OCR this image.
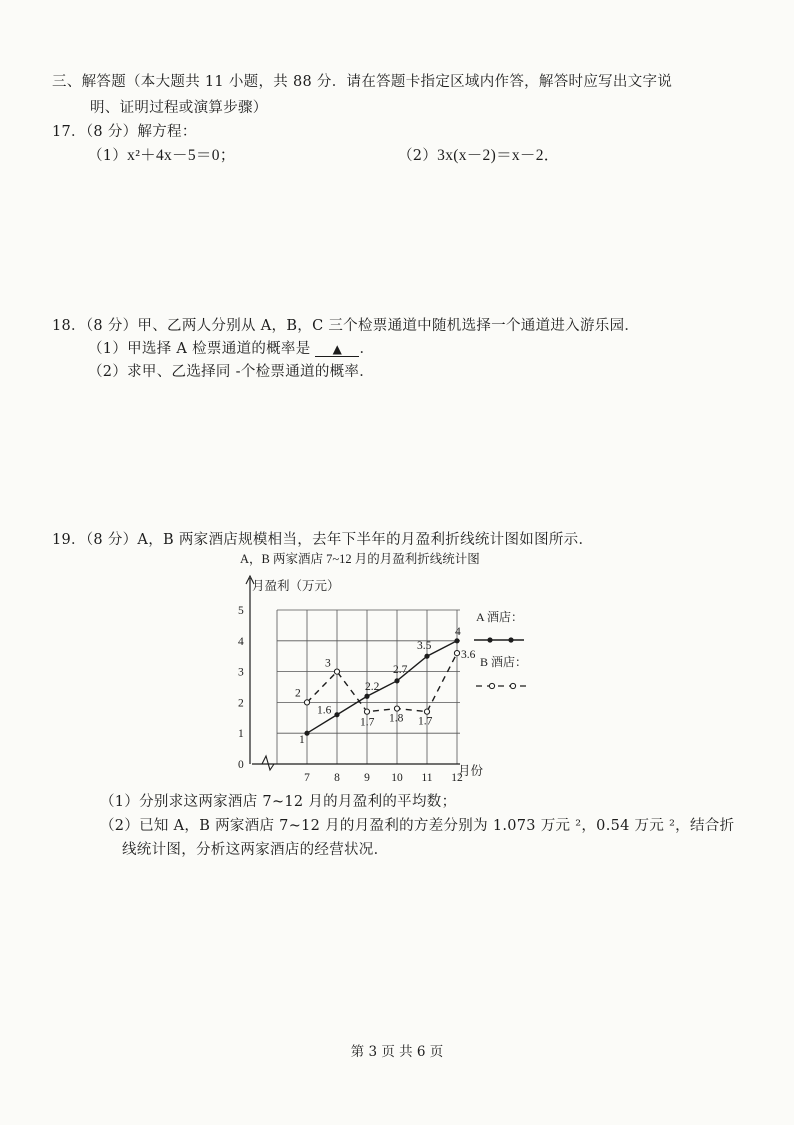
三、解答题（本大题共 11 小题，共 88 分．请在答题卡指定区域内作答，解答时应写出文字说
明、证明过程或演算步骤）
17．（8 分）解方程：
（1）x²＋4x－5＝0；	（2）3x(x－2)＝x－2．
18．（8 分）甲、乙两人分别从 A，B，C 三个检票通道中随机选择一个通道进入游乐园．
（1）甲选择 A 检票通道的概率是 ▲ ．
（2）求甲、乙选择同 -个检票通道的概率．
19．（8 分）A，B 两家酒店规模相当，去年下半年的月盈利折线统计图如图所示．
A，B 两家酒店 7~12 月的月盈利折线统计图
月盈利（万元）
月份
0
1
2
3
4
5
7 8 9 10 11 12
1
1.6
2.2
2.7
3.5
4
2
3
1.7 1.8 1.7
3.6
A 酒店：
B 酒店：
（1）分别求这两家酒店 7~12 月的月盈利的平均数；
（2）已知 A，B 两家酒店 7~12 月的月盈利的方差分别为 1.073 万元 ²，0.54 万元 ²，结合折
线统计图，分析这两家酒店的经营状况．
第 3 页 共 6 页
